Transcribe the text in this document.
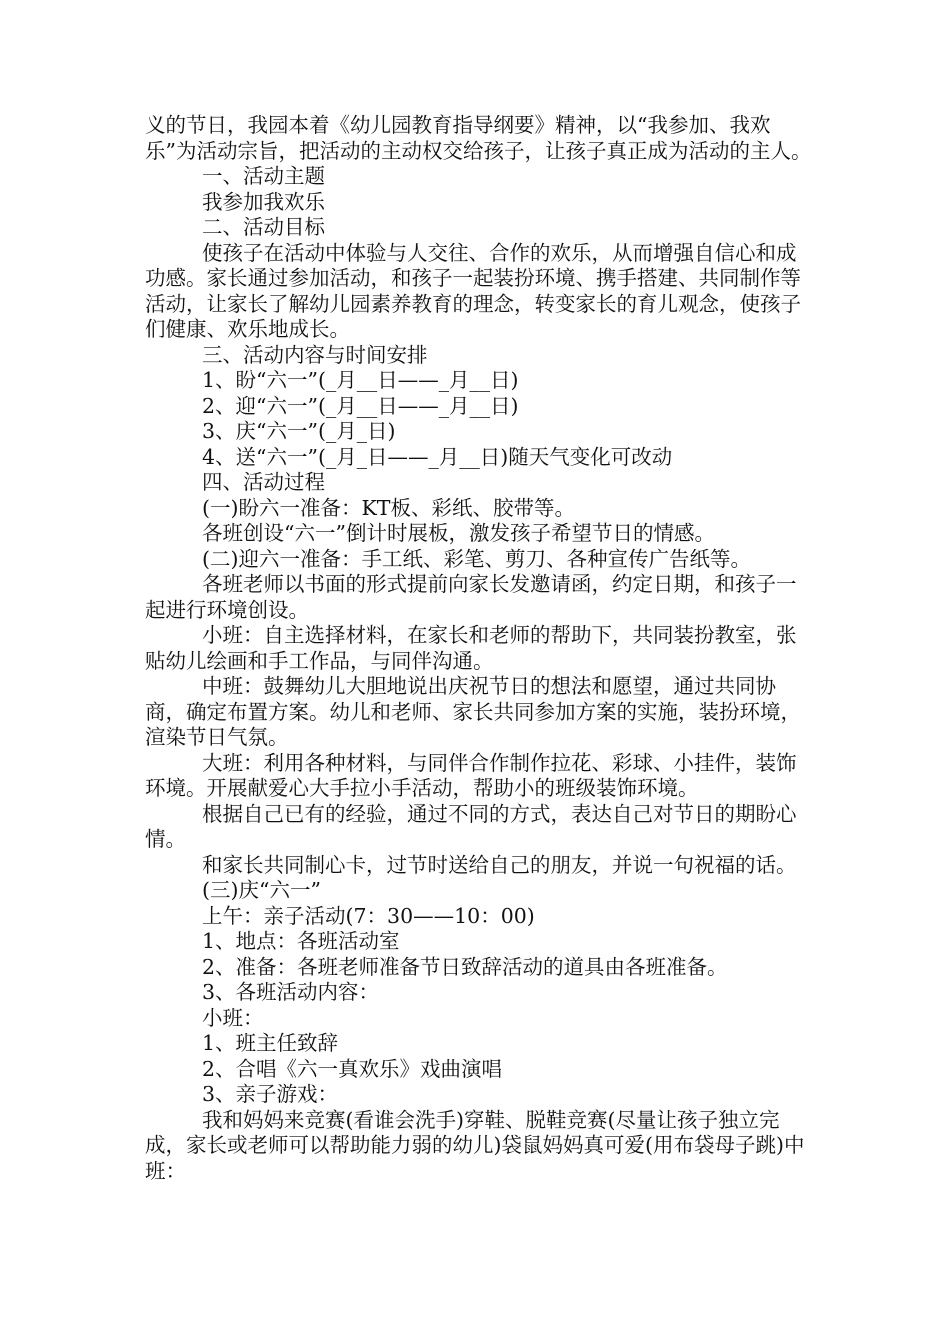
义的节日，我园本着《幼儿园教育指导纲要》精神，以“我参加、我欢乐”为活动宗旨，把活动的主动权交给孩子，让孩子真正成为活动的主人。

一、活动主题

我参加我欢乐

二、活动目标

使孩子在活动中体验与人交往、合作的欢乐，从而增强自信心和成功感。家长通过参加活动，和孩子一起装扮环境、携手搭建、共同制作等活动，让家长了解幼儿园素养教育的理念，转变家长的育儿观念，使孩子们健康、欢乐地成长。

三、活动内容与时间安排

1、盼“六一”(_月__日——_月__日)

2、迎“六一”(_月__日——_月__日)

3、庆“六一”(_月_日)

4、送“六一”(_月_日——_月__日)随天气变化可改动

四、活动过程

(一)盼六一准备：KT板、彩纸、胶带等。

各班创设“六一”倒计时展板，激发孩子希望节日的情感。

(二)迎六一准备：手工纸、彩笔、剪刀、各种宣传广告纸等。

各班老师以书面的形式提前向家长发邀请函，约定日期，和孩子一起进行环境创设。

小班：自主选择材料，在家长和老师的帮助下，共同装扮教室，张贴幼儿绘画和手工作品，与同伴沟通。

中班：鼓舞幼儿大胆地说出庆祝节日的想法和愿望，通过共同协商，确定布置方案。幼儿和老师、家长共同参加方案的实施，装扮环境，渲染节日气氛。

大班：利用各种材料，与同伴合作制作拉花、彩球、小挂件，装饰环境。开展献爱心大手拉小手活动，帮助小的班级装饰环境。

根据自己已有的经验，通过不同的方式，表达自己对节日的期盼心情。

和家长共同制心卡，过节时送给自己的朋友，并说一句祝福的话。

(三)庆“六一”

上午：亲子活动(7：30——10：00)

1、地点：各班活动室

2、准备：各班老师准备节日致辞活动的道具由各班准备。

3、各班活动内容：

小班：

1、班主任致辞

2、合唱《六一真欢乐》戏曲演唱

3、亲子游戏：

我和妈妈来竞赛(看谁会洗手)穿鞋、脱鞋竞赛(尽量让孩子独立完成，家长或老师可以帮助能力弱的幼儿)袋鼠妈妈真可爱(用布袋母子跳)中班：
